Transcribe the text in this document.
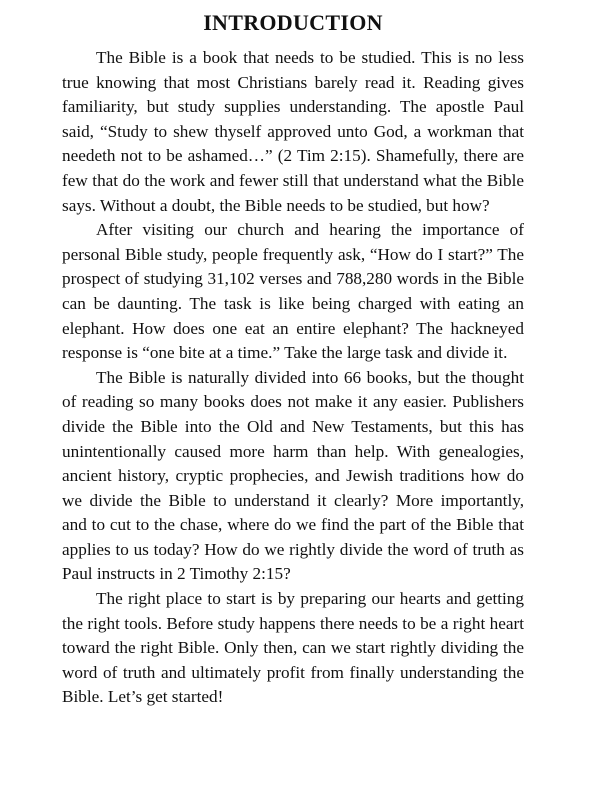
INTRODUCTION

The Bible is a book that needs to be studied. This is no less true knowing that most Christians barely read it. Reading gives familiarity, but study supplies understanding. The apostle Paul said, “Study to shew thyself approved unto God, a workman that needeth not to be ashamed…” (2 Tim 2:15). Shamefully, there are few that do the work and fewer still that understand what the Bible says. Without a doubt, the Bible needs to be studied, but how?

After visiting our church and hearing the importance of personal Bible study, people frequently ask, “How do I start?” The prospect of studying 31,102 verses and 788,280 words in the Bible can be daunting. The task is like being charged with eating an elephant. How does one eat an entire elephant? The hackneyed response is “one bite at a time.” Take the large task and divide it.

The Bible is naturally divided into 66 books, but the thought of reading so many books does not make it any easier. Publishers divide the Bible into the Old and New Testaments, but this has unintentionally caused more harm than help. With genealogies, ancient history, cryptic prophecies, and Jewish traditions how do we divide the Bible to understand it clearly? More importantly, and to cut to the chase, where do we find the part of the Bible that applies to us today? How do we rightly divide the word of truth as Paul instructs in 2 Timothy 2:15?

The right place to start is by preparing our hearts and getting the right tools. Before study happens there needs to be a right heart toward the right Bible. Only then, can we start rightly dividing the word of truth and ultimately profit from finally understanding the Bible. Let’s get started!
